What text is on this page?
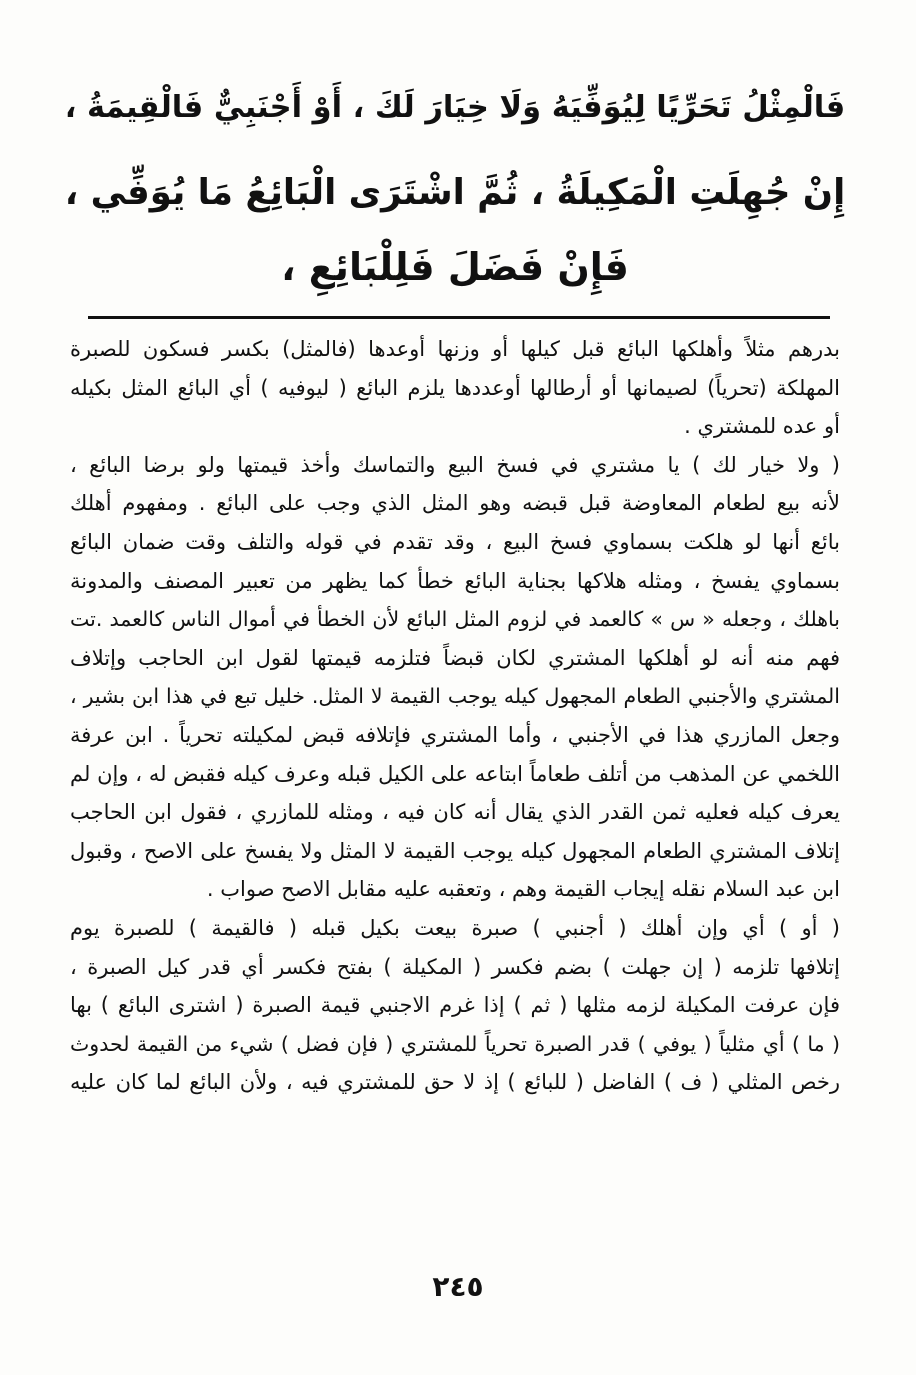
فَالْمِثْلُ تَحَرِّيًا لِيُوَفِّيَهُ وَلَا خِيَارَ لَكَ ، أَوْ أَجْنَبِيٌّ فَالْقِيمَةُ ،
إِنْ جُهِلَتِ الْمَكِيلَةُ ، ثُمَّ اشْتَرَى الْبَائِعُ مَا يُوَفِّي ،
فَإِنْ فَضَلَ فَلِلْبَائِعِ ،
بدرهم مثلاً وأهلكها البائع قبل كيلها أو وزنها أوعدها (فالمثل) بكسر فسكون للصبرة
المهلكة (تحرياً) لصيمانها أو أرطالها أوعددها يلزم البائع ( ليوفيه ) أي البائع المثل بكيله
أو عده للمشتري .
( ولا خيار لك ) يا مشتري في فسخ البيع والتماسك وأخذ قيمتها ولو برضا البائع ،
لأنه بيع لطعام المعاوضة قبل قبضه وهو المثل الذي وجب على البائع . ومفهوم أهلك
بائع أنها لو هلكت بسماوي فسخ البيع ، وقد تقدم في قوله والتلف وقت ضمان البائع
بسماوي يفسخ ، ومثله هلاكها بجناية البائع خطأ كما يظهر من تعبير المصنف والمدونة
باهلك ، وجعله « س » كالعمد في لزوم المثل البائع لأن الخطأ في أموال الناس كالعمد .تت
فهم منه أنه لو أهلكها المشتري لكان قبضاً فتلزمه قيمتها لقول ابن الحاجب وإتلاف
المشتري والأجنبي الطعام المجهول كيله يوجب القيمة لا المثل. خليل تبع في هذا ابن بشير ،
وجعل المازري هذا في الأجنبي ، وأما المشتري فإتلافه قبض لمكيلته تحرياً . ابن عرفة
اللخمي عن المذهب من أتلف طعاماً ابتاعه على الكيل قبله وعرف كيله فقبض له ، وإن لم
يعرف كيله فعليه ثمن القدر الذي يقال أنه كان فيه ، ومثله للمازري ، فقول ابن الحاجب
إتلاف المشتري الطعام المجهول كيله يوجب القيمة لا المثل ولا يفسخ على الاصح ، وقبول
ابن عبد السلام نقله إيجاب القيمة وهم ، وتعقبه عليه مقابل الاصح صواب .
( أو ) أي وإن أهلك ( أجنبي ) صبرة بيعت بكيل قبله ( فالقيمة ) للصبرة يوم
إتلافها تلزمه ( إن جهلت ) بضم فكسر ( المكيلة ) بفتح فكسر أي قدر كيل الصبرة ،
فإن عرفت المكيلة لزمه مثلها ( ثم ) إذا غرم الاجنبي قيمة الصبرة ( اشترى البائع ) بها
( ما ) أي مثلياً ( يوفي ) قدر الصبرة تحرياً للمشتري ( فإن فضل ) شيء من القيمة لحدوث
رخص المثلي ( ف ) الفاضل ( للبائع ) إذ لا حق للمشتري فيه ، ولأن البائع لما كان عليه
٢٤٥
